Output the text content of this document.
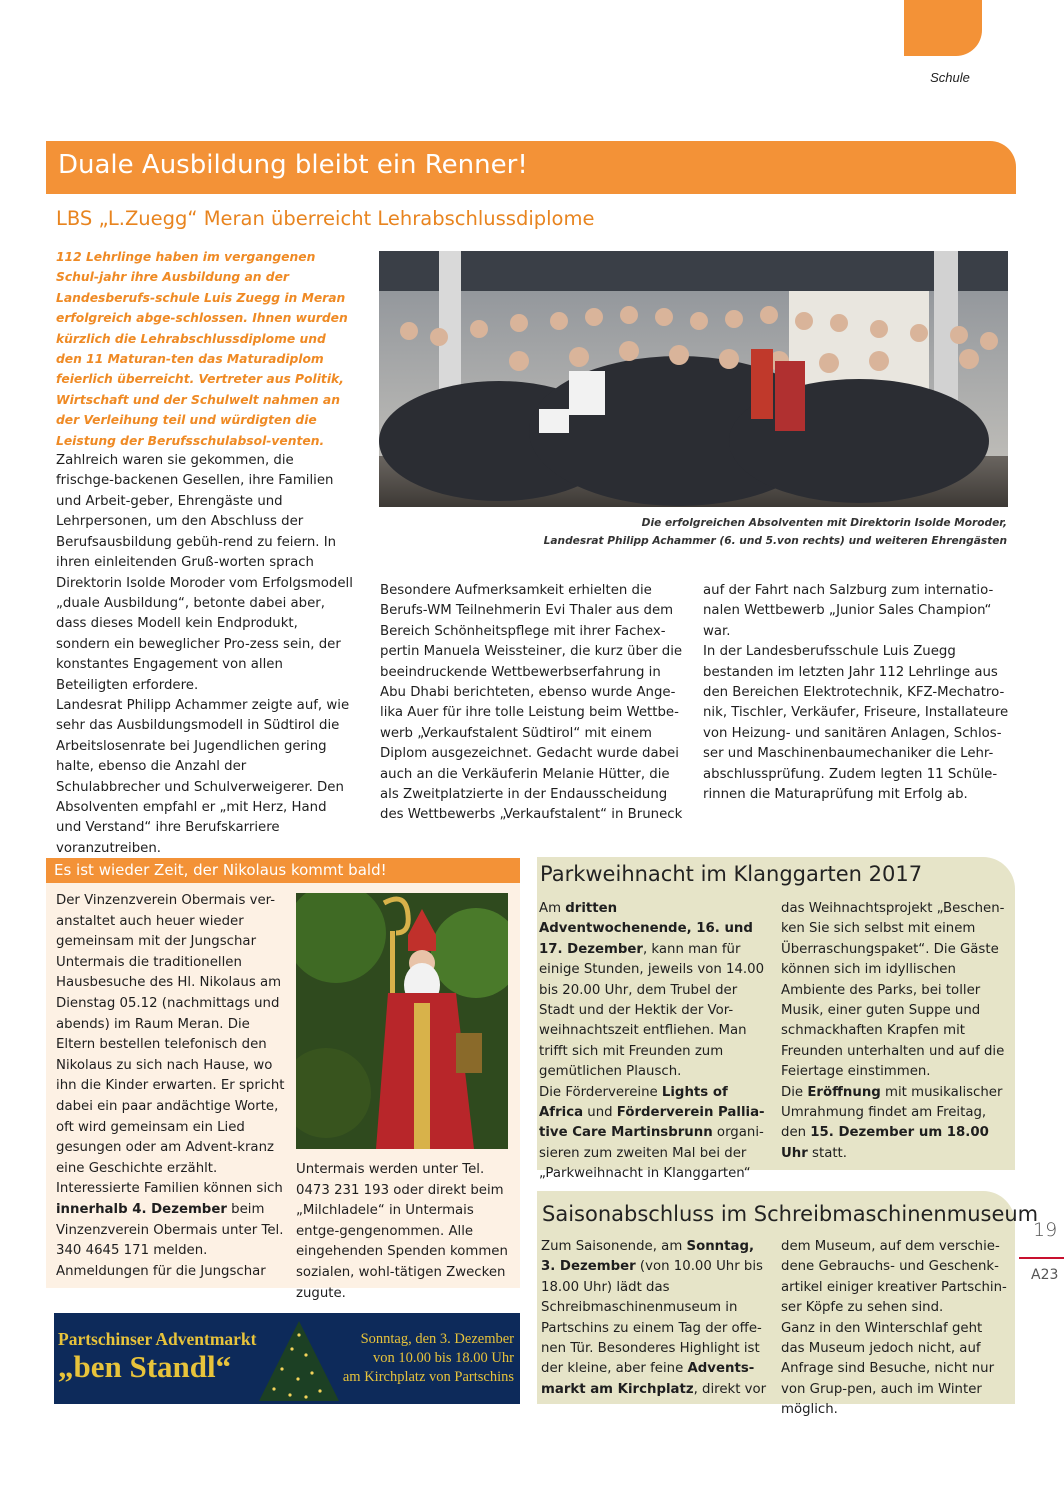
Schule
Duale Ausbildung bleibt ein Renner!
LBS „L.Zuegg“ Meran überreicht Lehrabschlussdiplome

112 Lehrlinge haben im vergangenen Schul-jahr ihre Ausbildung an der Landesberufs-schule Luis Zuegg in Meran erfolgreich abge-schlossen. Ihnen wurden kürzlich die Lehrabschlussdiplome und den 11 Maturan-ten das Maturadiplom feierlich überreicht. Vertreter aus Politik, Wirtschaft und der Schulwelt nahmen an der Verleihung teil und würdigten die Leistung der Berufsschulabsol-venten.

Zahlreich waren sie gekommen, die frischge-backenen Gesellen, ihre Familien und Arbeit-geber, Ehrengäste und Lehrpersonen, um den Abschluss der Berufsausbildung gebüh-rend zu feiern. In ihren einleitenden Gruß-worten sprach Direktorin Isolde Moroder vom Erfolgsmodell „duale Ausbildung“, betonte dabei aber, dass dieses Modell kein Endprodukt, sondern ein beweglicher Pro-zess sein, der konstantes Engagement von allen Beteiligten erfordere.

Landesrat Philipp Achammer zeigte auf, wie sehr das Ausbildungsmodell in Südtirol die Arbeitslosenrate bei Jugendlichen gering halte, ebenso die Anzahl der Schulabbrecher und Schulverweigerer. Den Absolventen empfahl er „mit Herz, Hand und Verstand“ ihre Berufskarriere voranzutreiben.

Die erfolgreichen Absolventen mit Direktorin Isolde Moroder,
Landesrat Philipp Achammer (6. und 5.von rechts) und weiteren Ehrengästen

Besondere Aufmerksamkeit erhielten die Berufs-WM Teilnehmerin Evi Thaler aus dem Bereich Schönheitspflege mit ihrer Fachex-pertin Manuela Weissteiner, die kurz über die beeindruckende Wettbewerbserfahrung in Abu Dhabi berichteten, ebenso wurde Ange-lika Auer für ihre tolle Leistung beim Wettbe-werb „Verkaufstalent Südtirol“ mit einem Diplom ausgezeichnet. Gedacht wurde dabei auch an die Verkäuferin Melanie Hütter, die als Zweitplatzierte in der Endausscheidung des Wettbewerbs „Verkaufstalent“ in Bruneck

auf der Fahrt nach Salzburg zum internatio-nalen Wettbewerb „Junior Sales Champion“ war.

In der Landesberufsschule Luis Zuegg bestanden im letzten Jahr 112 Lehrlinge aus den Bereichen Elektrotechnik, KFZ-Mechatro-nik, Tischler, Verkäufer, Friseure, Installateure von Heizung- und sanitären Anlagen, Schlos-ser und Maschinenbaumechaniker die Lehr-abschlussprüfung. Zudem legten 11 Schüle-rinnen die Maturaprüfung mit Erfolg ab.

Es ist wieder Zeit, der Nikolaus kommt bald!
Der Vinzenzverein Obermais ver-anstaltet auch heuer wieder gemeinsam mit der Jungschar Untermais die traditionellen Hausbesuche des Hl. Nikolaus am Dienstag 05.12 (nachmittags und abends) im Raum Meran. Die Eltern bestellen telefonisch den Nikolaus zu sich nach Hause, wo ihn die Kinder erwarten. Er spricht dabei ein paar andächtige Worte, oft wird gemeinsam ein Lied gesungen oder am Advent-kranz eine Geschichte erzählt. Interessierte Familien können sich innerhalb 4. Dezember beim Vinzenzverein Obermais unter Tel. 340 4645 171 melden. Anmeldungen für die Jungschar
Untermais werden unter Tel. 0473 231 193 oder direkt beim „Milchladele“ in Untermais entge-gengenommen. Alle eingehenden Spenden kommen sozialen, wohl-tätigen Zwecken zugute.
Partschinser Adventmarkt
„ben Standl“
Sonntag, den 3. Dezember
von 10.00 bis 18.00 Uhr
am Kirchplatz von Partschins
Parkweihnacht im Klanggarten 2017
Am dritten Adventwochenende, 16. und 17. Dezember, kann man für einige Stunden, jeweils von 14.00 bis 20.00 Uhr, dem Trubel der Stadt und der Hektik der Vor-weihnachtszeit entfliehen. Man trifft sich mit Freunden zum gemütlichen Plausch.
Die Fördervereine Lights of Africa und Förderverein Pallia-tive Care Martinsbrunn organi-sieren zum zweiten Mal bei der „Parkweihnacht in Klanggarten“
das Weihnachtsprojekt „Beschen-ken Sie sich selbst mit einem Überraschungspaket“. Die Gäste können sich im idyllischen Ambiente des Parks, bei toller Musik, einer guten Suppe und schmackhaften Krapfen mit Freunden unterhalten und auf die Feiertage einstimmen.
Die Eröffnung mit musikalischer Umrahmung findet am Freitag, den 15. Dezember um 18.00 Uhr statt.
Saisonabschluss im Schreibmaschinenmuseum
Zum Saisonende, am Sonntag, 3. Dezember (von 10.00 Uhr bis 18.00 Uhr) lädt das Schreibmaschinenmuseum in Partschins zu einem Tag der offe-nen Tür. Besonderes Highlight ist der kleine, aber feine Advents-markt am Kirchplatz, direkt vor
dem Museum, auf dem verschie-dene Gebrauchs- und Geschenk-artikel einiger kreativer Partschin-ser Köpfe zu sehen sind.
Ganz in den Winterschlaf geht das Museum jedoch nicht, auf Anfrage sind Besuche, nicht nur von Grup-pen, auch im Winter möglich.
19
A23
